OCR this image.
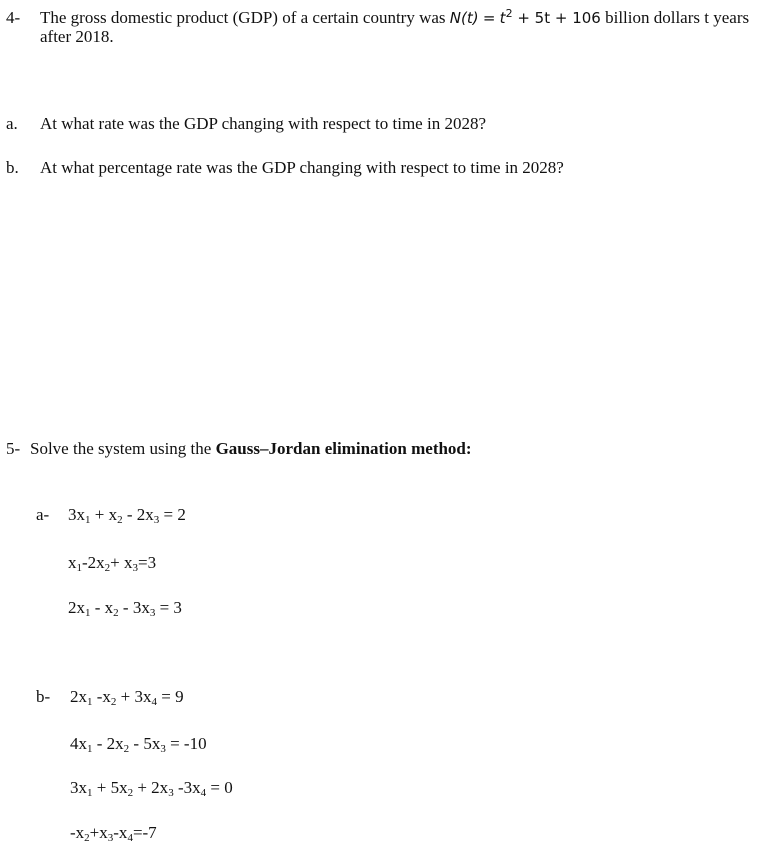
4- The gross domestic product (GDP) of a certain country was $N(t) = t^2 + 5t + 106$ billion dollars t years
after 2018.
a. At what rate was the GDP changing with respect to time in 2028?
b. At what percentage rate was the GDP changing with respect to time in 2028?
5- Solve the system using the Gauss–Jordan elimination method:
a- $3x_1 + x_2 - 2x_3 = 2$
$x_1-2x_2+ x_3=3$
$2x_1 - x_2 - 3x_3 = 3$
b- $2x_1$ $-x_2 + 3x_4 = 9$
$4x_1 - 2x_2 - 5x_3 = -10$
$3x_1 + 5x_2 + 2x_3$ $-3x_4 = 0$
$-x_2+x_3-x_4=-7$
